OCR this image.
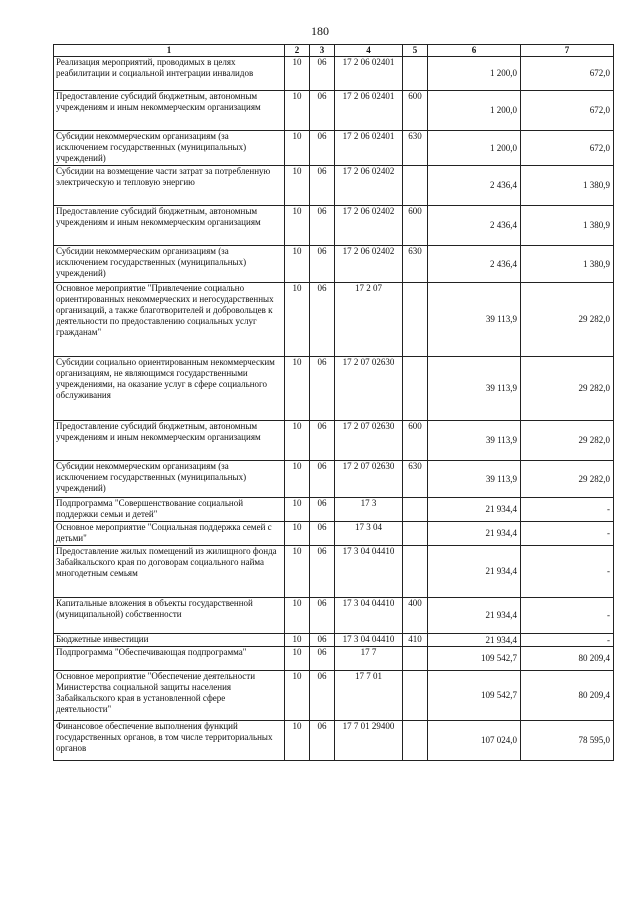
180
1	2	3	4	5	6	7
Реализация мероприятий, проводимых в целях реабилитации и социальной интеграции инвалидов	10	06	17 2 06 02401		1 200,0	672,0
Предоставление субсидий бюджетным, автономным учреждениям и иным некоммерческим организациям	10	06	17 2 06 02401	600	1 200,0	672,0
Субсидии некоммерческим организациям (за исключением государственных (муниципальных) учреждений)	10	06	17 2 06 02401	630	1 200,0	672,0
Субсидии на возмещение части затрат за потребленную электрическую и тепловую энергию	10	06	17 2 06 02402		2 436,4	1 380,9
Предоставление субсидий бюджетным, автономным учреждениям и иным некоммерческим организациям	10	06	17 2 06 02402	600	2 436,4	1 380,9
Субсидии некоммерческим организациям (за исключением государственных (муниципальных) учреждений)	10	06	17 2 06 02402	630	2 436,4	1 380,9
Основное мероприятие "Привлечение социально ориентированных некоммерческих и негосударственных организаций, а также благотворителей и добровольцев к деятельности по предоставлению социальных услуг гражданам"	10	06	17 2 07		39 113,9	29 282,0
Субсидии социально ориентированным некоммерческим организациям, не являющимся государственными учреждениями, на оказание услуг в сфере социального обслуживания	10	06	17 2 07 02630		39 113,9	29 282,0
Предоставление субсидий бюджетным, автономным учреждениям и иным некоммерческим организациям	10	06	17 2 07 02630	600	39 113,9	29 282,0
Субсидии некоммерческим организациям (за исключением государственных (муниципальных) учреждений)	10	06	17 2 07 02630	630	39 113,9	29 282,0
Подпрограмма "Совершенствование социальной поддержки семьи и детей"	10	06	17 3		21 934,4	-
Основное мероприятие "Социальная поддержка семей с детьми"	10	06	17 3 04		21 934,4	-
Предоставление жилых помещений из жилищного фонда Забайкальского края по договорам социального найма многодетным семьям	10	06	17 3 04 04410		21 934,4	-
Капитальные вложения в объекты государственной (муниципальной) собственности	10	06	17 3 04 04410	400	21 934,4	-
Бюджетные инвестиции	10	06	17 3 04 04410	410	21 934,4	-
Подпрограмма "Обеспечивающая подпрограмма"	10	06	17 7		109 542,7	80 209,4
Основное мероприятие "Обеспечение деятельности Министерства социальной защиты населения Забайкальского края в установленной сфере деятельности"	10	06	17 7 01		109 542,7	80 209,4
Финансовое обеспечение выполнения функций государственных органов, в том числе территориальных органов	10	06	17 7 01 29400		107 024,0	78 595,0
